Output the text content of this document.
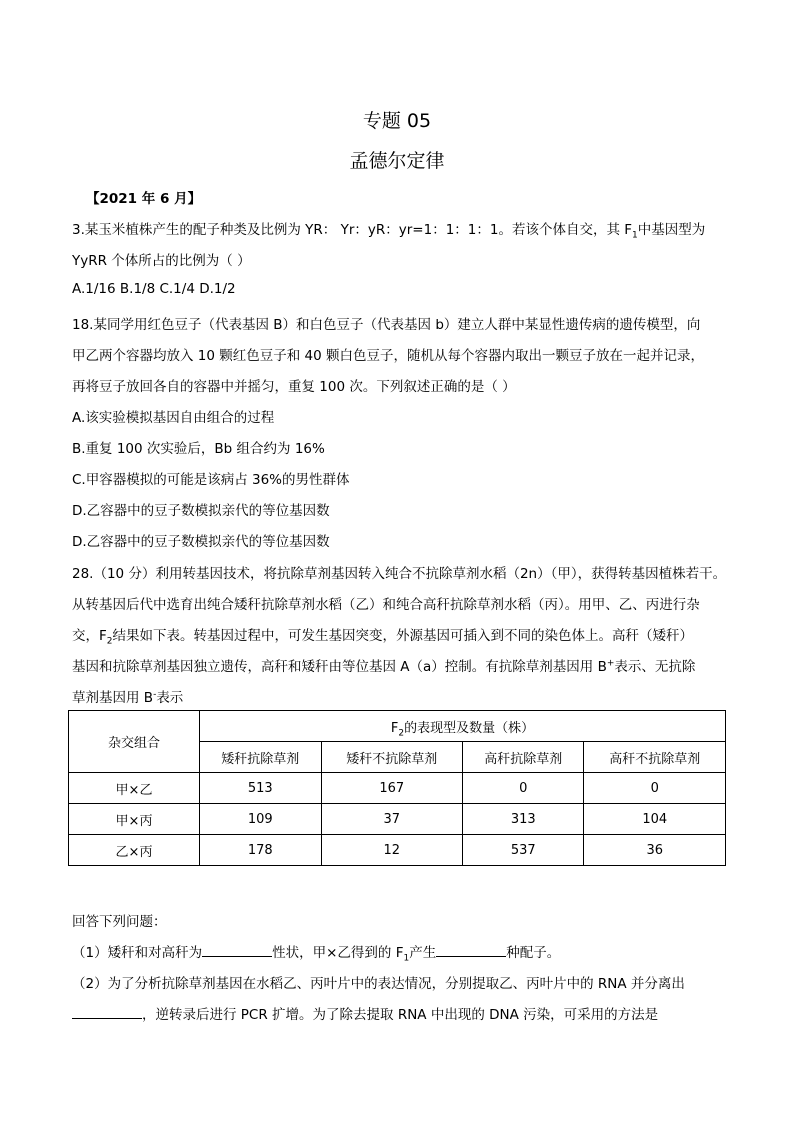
专题 05
孟德尔定律
【2021 年 6 月】
3.某玉米植株产生的配子种类及比例为 YR： Yr：yR：yr=1：1：1：1。若该个体自交，其 $F_1$中基因型为
YyRR 个体所占的比例为（ ）
A.1/16 B.1/8 C.1/4 D.1/2
18.某同学用红色豆子（代表基因 B）和白色豆子（代表基因 b）建立人群中某显性遗传病的遗传模型，向
甲乙两个容器均放入 10 颗红色豆子和 40 颗白色豆子，随机从每个容器内取出一颗豆子放在一起并记录，
再将豆子放回各自的容器中并摇匀，重复 100 次。下列叙述正确的是（ ）
A.该实验模拟基因自由组合的过程
B.重复 100 次实验后，Bb 组合约为 16%
C.甲容器模拟的可能是该病占 36%的男性群体
D.乙容器中的豆子数模拟亲代的等位基因数
D.乙容器中的豆子数模拟亲代的等位基因数
28.（10 分）利用转基因技术，将抗除草剂基因转入纯合不抗除草剂水稻（2n）（甲），获得转基因植株若干。
从转基因后代中选育出纯合矮秆抗除草剂水稻（乙）和纯合高秆抗除草剂水稻（丙）。用甲、乙、丙进行杂
交，$F_2$结果如下表。转基因过程中，可发生基因突变，外源基因可插入到不同的染色体上。高秆（矮秆）
基因和抗除草剂基因独立遗传，高秆和矮秆由等位基因 A（a）控制。有抗除草剂基因用 B+表示、无抗除
草剂基因用 B-表示
杂交组合	$F_2$的表现型及数量（株）			
	矮秆抗除草剂	矮秆不抗除草剂	高秆抗除草剂	高秆不抗除草剂
甲×乙	513	167	0	0
甲×丙	109	37	313	104
乙×丙	178	12	537	36
回答下列问题：
（1）矮秆和对高秆为	性状，甲×乙得到的 $F_1$产生	种配子。
（2）为了分析抗除草剂基因在水稻乙、丙叶片中的表达情况，分别提取乙、丙叶片中的 RNA 并分离出
，逆转录后进行 PCR 扩增。为了除去提取 RNA 中出现的 DNA 污染，可采用的方法是
